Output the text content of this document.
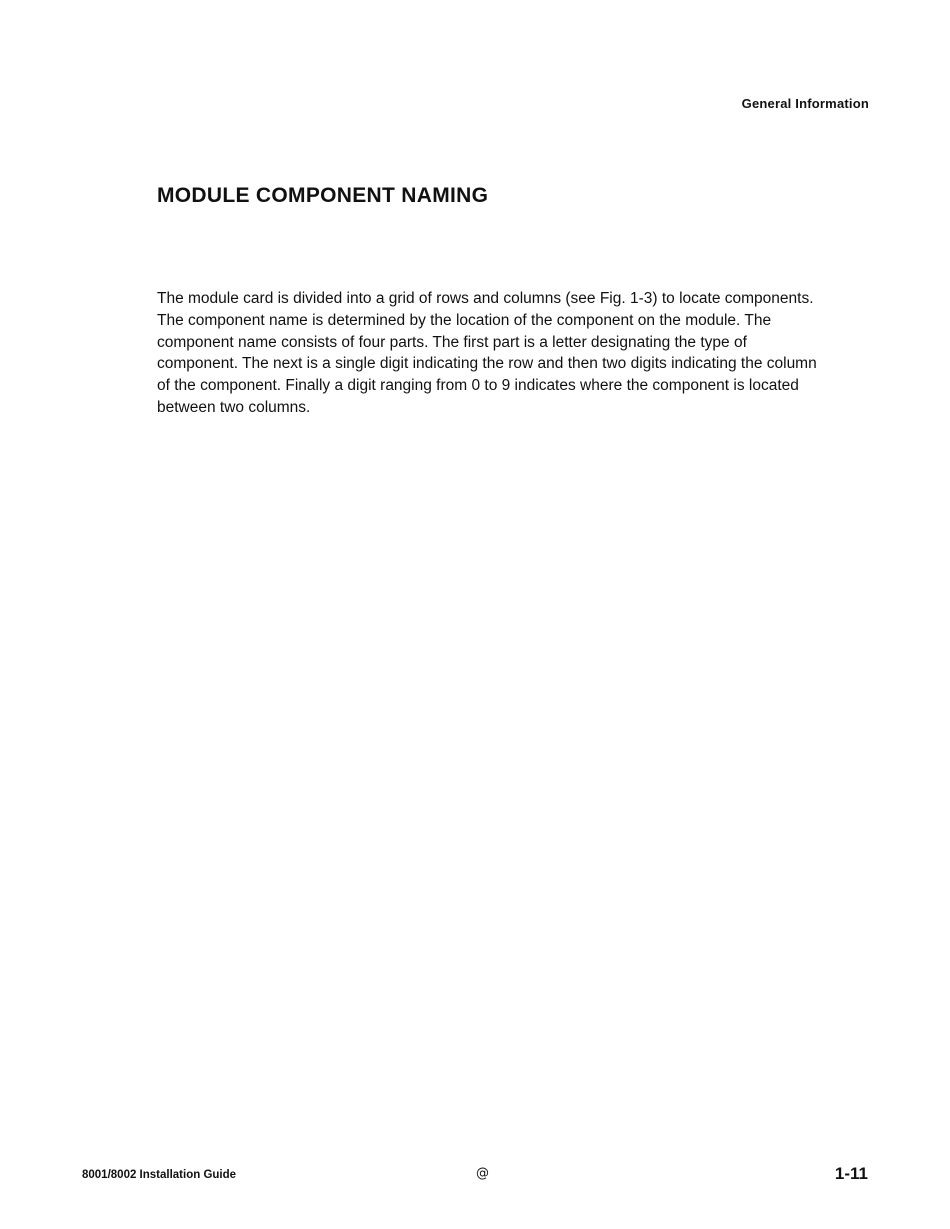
General Information
MODULE COMPONENT NAMING

The module card is divided into a grid of rows and columns (see Fig. 1-3) to locate components. The component name is determined by the location of the component on the module. The component name consists of four parts. The first part is a letter designating the type of component. The next is a single digit indicating the row and then two digits indicating the column of the component. Finally a digit ranging from 0 to 9 indicates where the component is located between two columns.

8001/8002 Installation Guide	@	1-11
